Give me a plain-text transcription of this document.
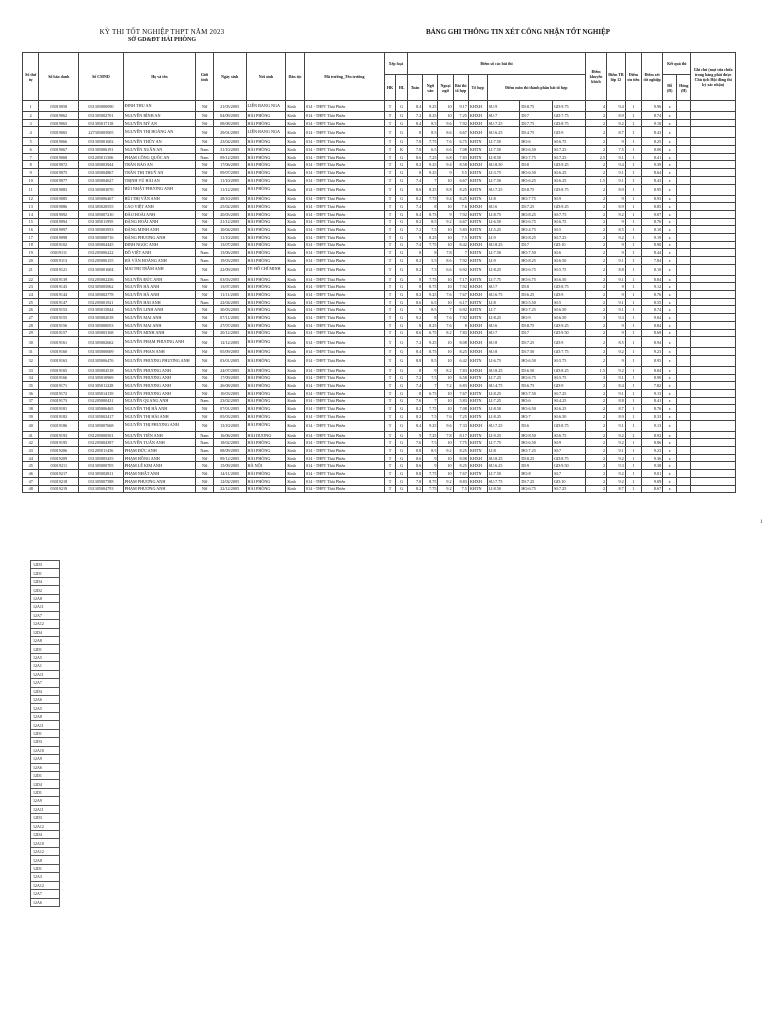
KỲ THI TỐT NGHIỆP THPT NĂM 2023
SỞ GD&ĐT HẢI PHÒNG
BẢNG GHI THÔNG TIN XÉT CÔNG NHẬN TỐT NGHIỆP
Số thứ tự	Số báo danh	Số CMND	Họ và tên	Giới tính	Ngày sinh	Nơi sinh	Dân tộc	Mã trường_Tên trường	Xếp loại		Điểm số các bài thi								Điểm khuyến khích	Điểm TB lớp 12	Điểm ưu tiên	Điểm xét tốt nghiệp	Kết quả thi		Ghi chú (mọi sửa chữa trong bảng phải được Chủ tịch Hội đồng thi ký xác nhận)
									HK	HL	Toán	Ngữ văn	Ngoại ngữ	Bài thi tổ hợp	Tổ hợp	Điểm môn thi thành phần bài tổ hợp							Đỗ (Đ)	Hỏng (H)	
1	03019058	031305000090	ĐINH THU AN	Nữ	21/05/2005	LIÊN BANG NGA	Kinh	014 - THPT Thái Phiên	T	G	8.4	9.25	10	9.17	KHXH	SU:9	DI:8.75	GD:9.75	4	9.4	1	9.96	x		
2	03019062	031305002701	NGUYỄN BÌNH AN	Nữ	04/09/2005	HẢI PHÒNG	Kinh	014 - THPT Thái Phiên	T	G	7.2	8.25	10	7.25	KHXH	SU:7	DI:7	GD:7.75	2	8.9	1	8.74	x		
3	03019063	031305017118	NGUYỄN MỸ AN	Nữ	08/08/2005	HẢI PHÒNG	Kinh	014 - THPT Thái Phiên	T	G	8.4	8.5	9.6	7.92	KHXH	SU:7.25	DI:7.75	GD:8.75	2	9.2	1	9.10	x		
4	03019065	227305005005	NGUYỄN THỊ HOÀNG AN	Nữ	29/01/2005	LIÊN BANG NGA	Kinh	014 - THPT Thái Phiên	T	G	8	8.5	8.6	6.67	KHXH	SU:6.25	DI:4.75	GD:9	2	8.7	1	8.43	x		
5	03019066	031305001602	NGUYỄN THÚY AN	Nữ	23/04/2005	HẢI PHÒNG	Kinh	014 - THPT Thái Phiên	T	G	7.8	7.75	7.6	6.75	KHTN	LI:7.50	HO:6	SI:6.75	2	9	1	8.25	x		
6	03019067	031305006191	NGUYỄN XUÂN AN	Nam	31/10/2005	HẢI PHÒNG	Kinh	014 - THPT Thái Phiên	T	K	7.8	6.5	6.6	7.08	KHTN	LI:7.50	HO:6.50	SI:7.25	2	7.5	1	8.00	x		
7	03019068	031205011306	PHẠM CÔNG QUỐC AN	Nam	09/12/2005	HẢI PHÒNG	Kinh	014 - THPT Thái Phiên	T	G	8.6	7.25	6.8	7.83	KHTN	LI:8.50	HO:7.75	SI:7.25	2.5	9.1	1	8.41	x		
8	03019072	031305003944	TRẦN BẢO AN	Nữ	17/06/2005	HẢI PHÒNG	Kinh	014 - THPT Thái Phiên	T	G	8.2	9.25	9.4	8.58	KHXH	SU:8.50	DI:8	GD:9.25	2	9.4	1	9.39	x		
9	03019075	031305004867	TRẦN THỊ THUỲ AN	Nữ	09/07/2005	HẢI PHÒNG	Kinh	014 - THPT Thái Phiên	T	G	8	9.25	9	5.5	KHTN	LI:3.75	HO:6.50	SI:6.25	2	9.1	1	8.64	x		
10	03019077	031305004627	TRỊNH VŨ HẢI AN	Nữ	11/10/2005	HẢI PHÒNG	Kinh	014 - THPT Thái Phiên	T	G	7.4	7	10	6.67	KHTN	LI:7.50	HO:6.25	SI:6.25	1.5	9.1	1	8.43	x		
11	03019083	031305003070	BÙI NHẬT PHƯƠNG ANH	Nữ	11/12/2005	HẢI PHÒNG	Kinh	014 - THPT Thái Phiên	T	G	8.6	8.25	8.8	8.25	KHTN	SU:7.25	DI:8.75	GD:8.75	2	8.9	1	8.95	x		
12	03019085	031305006467	BÙI THỊ VÂN ANH	Nữ	28/10/2005	HẢI PHÒNG	Kinh	014 - THPT Thái Phiên	T	G	8.2	7.75	9.4	8.25	KHTN	LI:8	HO:7.75	SI:9	2	9	1	8.93	x		
13	03019086	031305020555	CAO VIỆT ANH	Nữ	25/02/2005	HẢI PHÒNG	Kinh	014 - THPT Thái Phiên	T	G	7.4	8	10	7.6	KHXH	SU:6	DI:7.25	GD:9.25	2	8.9	1	8.85	x		
14	03019092	031305007210	ĐÀO HOÀI ANH	Nữ	20/05/2005	HẢI PHÒNG	Kinh	014 - THPT Thái Phiên	T	G	8.4	8.75	9	7.92	KHTN	LI:8.75	HO:8.25	SI:7.75	2	9.2	1	9.07	x		
15	03019094	031305011995	ĐẶNG HOÀI ANH	Nữ	21/12/2005	HẢI PHÒNG	Kinh	014 - THPT Thái Phiên	T	G	8.2	8.5	9.2	6.67	KHTN	LI:6.50	HO:6.75	SI:6.75	2	9	1	8.76	x		
16	03019097	031305003953	ĐẶNG MINH ANH	Nữ	10/04/2005	HẢI PHÒNG	Kinh	014 - THPT Thái Phiên	T	G	7.2	7.5	10	5.83	KHTN	LI:5.25	HO:4.75	SI:5	2	8.5	1	8.10	x		
17	03019098	031305000716	ĐẶNG PHƯƠNG ANH	Nữ	11/10/2005	HẢI PHÒNG	Kinh	014 - THPT Thái Phiên	T	G	9	8.25	10	7.5	KHTN	LI:9	HO:8.25	SI:7.25	2	9.2	1	9.19	x		
18	03019102	031305004445	ĐINH NGỌC ANH	Nữ	13/07/2005	HẢI PHÒNG	Kinh	014 - THPT Thái Phiên	T	G	7.4	7.75	10	8.42	KHXH	SU:8.25	DI:7	GD:10	2	9	1	8.90	x		
19	03019111	031205006222	ĐỖ VIỆT ANH	Nam	13/06/2005	HẢI PHÒNG	Kinh	014 - THPT Thái Phiên	T	G	8	8	7.8	7	KHTN	LI:7.50	HO:7.50	SI:6	2	9	1	8.44	x		
20	03019113	031205006155	HÀ VĂN HOÀNG ANH	Nam	19/03/2005	HẢI PHÒNG	Kinh	014 - THPT Thái Phiên	T	G	8.2	5.5	8.6	7.92	KHTN	LI:9	HO:8.25	SI:6.50	2	9.1	1	7.84	x		
21	03019121	031305001604	MAI THỊ TRÂM ANH	Nữ	22/09/2005	TP. HỒ CHÍ MINH	Kinh	014 - THPT Thái Phiên	T	G	8.2	7.5	6.6	6.92	KHTN	LI:8.25	HO:6.75	SI:5.75	2	8.8	1	8.10	x		
22	03019139	031205002256	NGUYỄN ĐỨC ANH	Nam	03/03/2005	HẢI PHÒNG	Kinh	014 - THPT Thái Phiên	T	G	8	7.75	10	7.17	KHTN	LI:7.75	HO:6.75	SI:6.50	2	9.1	1	8.84	x		
23	03019143	031305005062	NGUYỄN HÀ ANH	Nữ	13/07/2005	HẢI PHÒNG	Kinh	014 - THPT Thái Phiên	T	G	8	8.75	10	7.92	KHXH	SU:7	DI:8	GD:8.75	2	9	1	9.12	x		
24	03019144	031305002778	NGUYỄN HÀ ANH	Nữ	11/11/2005	HẢI PHÒNG	Kinh	014 - THPT Thái Phiên	T	G	8.2	9.25	7.6	7.67	KHXH	SU:6.75	DI:6.25	GD:9	2	9	1	8.76	x		
25	03019147	031205001921	NGUYỄN HẢI ANH	Nam	22/04/2005	HẢI PHÒNG	Kinh	014 - THPT Thái Phiên	T	G	8.6	6.5	10	6.17	KHTN	LI:8	HO:5.50	SI:5	2	9.1	1	8.55	x		
26	03019153	031305015844	NGUYỄN LINH ANH	Nữ	30/03/2005	HẢI PHÒNG	Kinh	014 - THPT Thái Phiên	T	G	9	8.5	7	6.92	KHTN	LI:7	HO:7.25	SI:6.50	2	9.1	1	8.74	x		
27	03019155	031305002018	NGUYỄN MAI ANH	Nữ	07/11/2005	HẢI PHÒNG	Kinh	014 - THPT Thái Phiên	T	G	9.2	8	7.6	7.92	KHTN	LI:8.25	HO:9	SI:6.50	3	9.3	1	9.04	x		
28	03019156	031305000053	NGUYỄN MAI ANH	Nữ	27/07/2005	HẢI PHÒNG	Kinh	014 - THPT Thái Phiên	T	G	8	8.25	7.6	8	KHXH	SU:6	DI:8.75	GD:9.25	2	9	1	8.84	x		
29	03019157	031305003168	NGUYỄN MINH ANH	Nữ	20/12/2005	HẢI PHÒNG	Kinh	014 - THPT Thái Phiên	T	G	8.6	6.75	8.2	7.83	KHXH	SU:7	DI:7	GD:9.50	2	9	1	8.69	x		
30	03019161	031305002662	NGUYỄN PHẠM PHƯƠNG ANH	Nữ	12/12/2005	HẢI PHÒNG	Kinh	014 - THPT Thái Phiên	T	G	7.2	9.25	10	8.08	KHXH	SU:8	DI:7.25	GD:9	2	8.5	1	8.94	x		
31	03019160	031305000609	NGUYỄN PHAN ANH	Nữ	05/09/2005	HẢI PHÒNG	Kinh	014 - THPT Thái Phiên	T	G	8.4	8.75	10	8.25	KHXH	SU:8	DI:7.50	GD:7.75	2	9.2	1	9.23	x		
32	03019163	031305006476	NGUYỄN PHƯƠNG PHƯƠNG ANH	Nữ	03/01/2005	HẢI PHÒNG	Kinh	014 - THPT Thái Phiên	T	G	8.8	8.5	10	6.42	KHTN	LI:6.75	HO:6.50	SI:5.75	2	9	1	8.95	x		
33	03019165	031305004518	NGUYỄN PHƯƠNG ANH	Nữ	24/07/2005	HẢI PHÒNG	Kinh	014 - THPT Thái Phiên	T	G	8	9	8.2	7.83	KHXH	SU:8.25	DI:6.50	GD:8.25	1.5	9.2	1	8.84	x		
34	03019166	031305010969	NGUYỄN PHƯƠNG ANH	Nữ	17/09/2005	HẢI PHÒNG	Kinh	014 - THPT Thái Phiên	T	G	7.2	7.5	10	6.58	KHTN	LI:7.25	HO:6.75	SI:5.75	3	9.1	1	8.90	x		
35	03019171	031305011228	NGUYỄN PHƯƠNG ANH	Nữ	26/08/2005	HẢI PHÒNG	Kinh	014 - THPT Thái Phiên	T	G	7.4	7	7.2	6.83	KHXH	SU:4.75	DI:6.75	GD:9	2	8.4	1	7.82	x		
36	03019172	031305014139	NGUYỄN PHƯƠNG ANH	Nữ	10/03/2005	HẢI PHÒNG	Kinh	014 - THPT Thái Phiên	T	G	8	6.75	10	7.67	KHTN	LI:8.25	HO:7.50	SI:7.25	2	9.1	1	9.13	x		
37	03019173	031205000431	NGUYỄN QUANG ANH	Nam	23/02/2005	HẢI PHÒNG	Kinh	014 - THPT Thái Phiên	T	G	7.6	7	10	5.83	KHTN	LI:7.25	HO:6	SI:4.25	2	8.8	1	8.41	x		
38	03019181	031305006465	NGUYỄN THỊ HÀ ANH	Nữ	07/01/2005	HẢI PHÒNG	Kinh	014 - THPT Thái Phiên	T	G	8.2	7.75	10	7.08	KHTN	LI:8.50	HO:6.50	SI:6.25	2	8.7	1	8.76	x		
39	03019182	031305002417	NGUYỄN THỊ HẢI ANH	Nữ	05/03/2005	HẢI PHÒNG	Kinh	014 - THPT Thái Phiên	T	G	8.2	7.5	7.6	7.25	KHTN	LI:8.25	HO:7	SI:6.50	2	8.9	1	8.33	x		
40	03019186	031305007668	NGUYỄN THỊ PHƯƠNG ANH	Nữ	13/10/2005	HẢI PHÒNG	Kinh	014 - THPT Thái Phiên	T	G	8.4	9.25	9.6	7.33	KHXH	SU:7.25	DI:6	GD:8.75	2	9.1	1	9.13	x		
41	03019193	031205000501	NGUYỄN TIẾN ANH	Nam	16/06/2005	HẢI DƯƠNG	Kinh	014 - THPT Thái Phiên	T	G	9	7.25	7.8	8.17	KHTN	LI:9.25	HO:8.50	SI:6.75	2	9.2	1	8.92	x		
42	03019195	031205004397	NGUYỄN TUẤN ANH	Nam	18/02/2005	HẢI PHÒNG	Kinh	014 - THPT Thái Phiên	T	G	7.6	7.5	10	7.75	KHTN	LI:7.75	HO:6.50	SI:9	2	9.2	1	8.86	x		
43	03019206	031205011456	PHẠM ĐỨC ANH	Nam	08/09/2005	HẢI PHÒNG	Kinh	014 - THPT Thái Phiên	T	G	8.8	8.5	9.2	8.25	KHTN	LI:8	HO:7.25	SI:7	2	9.1	1	9.23	x		
44	03019209	031305005455	PHẠM HỒNG ANH	Nữ	09/12/2005	HẢI PHÒNG	Kinh	014 - THPT Thái Phiên	T	G	8.6	9	10	8.08	KHXH	SU:8.25	DI:8.25	GD:8.75	2	9.2	1	9.36	x		
45	03019211	031305000705	PHẠM LÊ KIM ANH	Nữ	15/09/2005	HÀ NỘI	Kinh	014 - THPT Thái Phiên	T	G	8.6	9	10	8.25	KHXH	SU:6.25	DI:9	GD:9.50	2	9.3	1	9.38	x		
46	03019217	031305002811	PHẠM NHẬT ANH	Nữ	14/11/2005	HẢI PHÒNG	Kinh	014 - THPT Thái Phiên	T	G	8.8	7.75	10	7.67	KHTN	LI:7.50	HO:8	SI:7	2	9.2	1	9.01	x		
47	03019218	031305007588	PHẠM PHƯƠNG ANH	Nữ	12/02/2005	HẢI PHÒNG	Kinh	014 - THPT Thái Phiên	T	G	7.8	8.75	9.2	8.83	KHXH	SU:7.75	DI:7.25	GD:10	2	9.2	1	9.09	x		
48	03019219	031305004793	PHẠM PHƯƠNG ANH	Nữ	22/12/2005	HẢI PHÒNG	Kinh	014 - THPT Thái Phiên	T	G	8.2	7.75	9.2	7.5	KHTN	LI:8.50	HO:6.75	SI:7.25	2	8.7	1	8.67	x		
1
12D3
12D1
12D4
12D2
12A8
12A11
12A7
12A12
12D4
12A8
12D1
12A5
12A1
12A11
12A7
12D4
12A6
12A5
12A8
12A11
12D1
12D3
12A10
12A9
12A6
12D1
12D4
12D1
12A9
12A11
12D3
12A12
12D4
12A10
12A12
12A8
12D1
12A3
12A12
12A7
12A6
